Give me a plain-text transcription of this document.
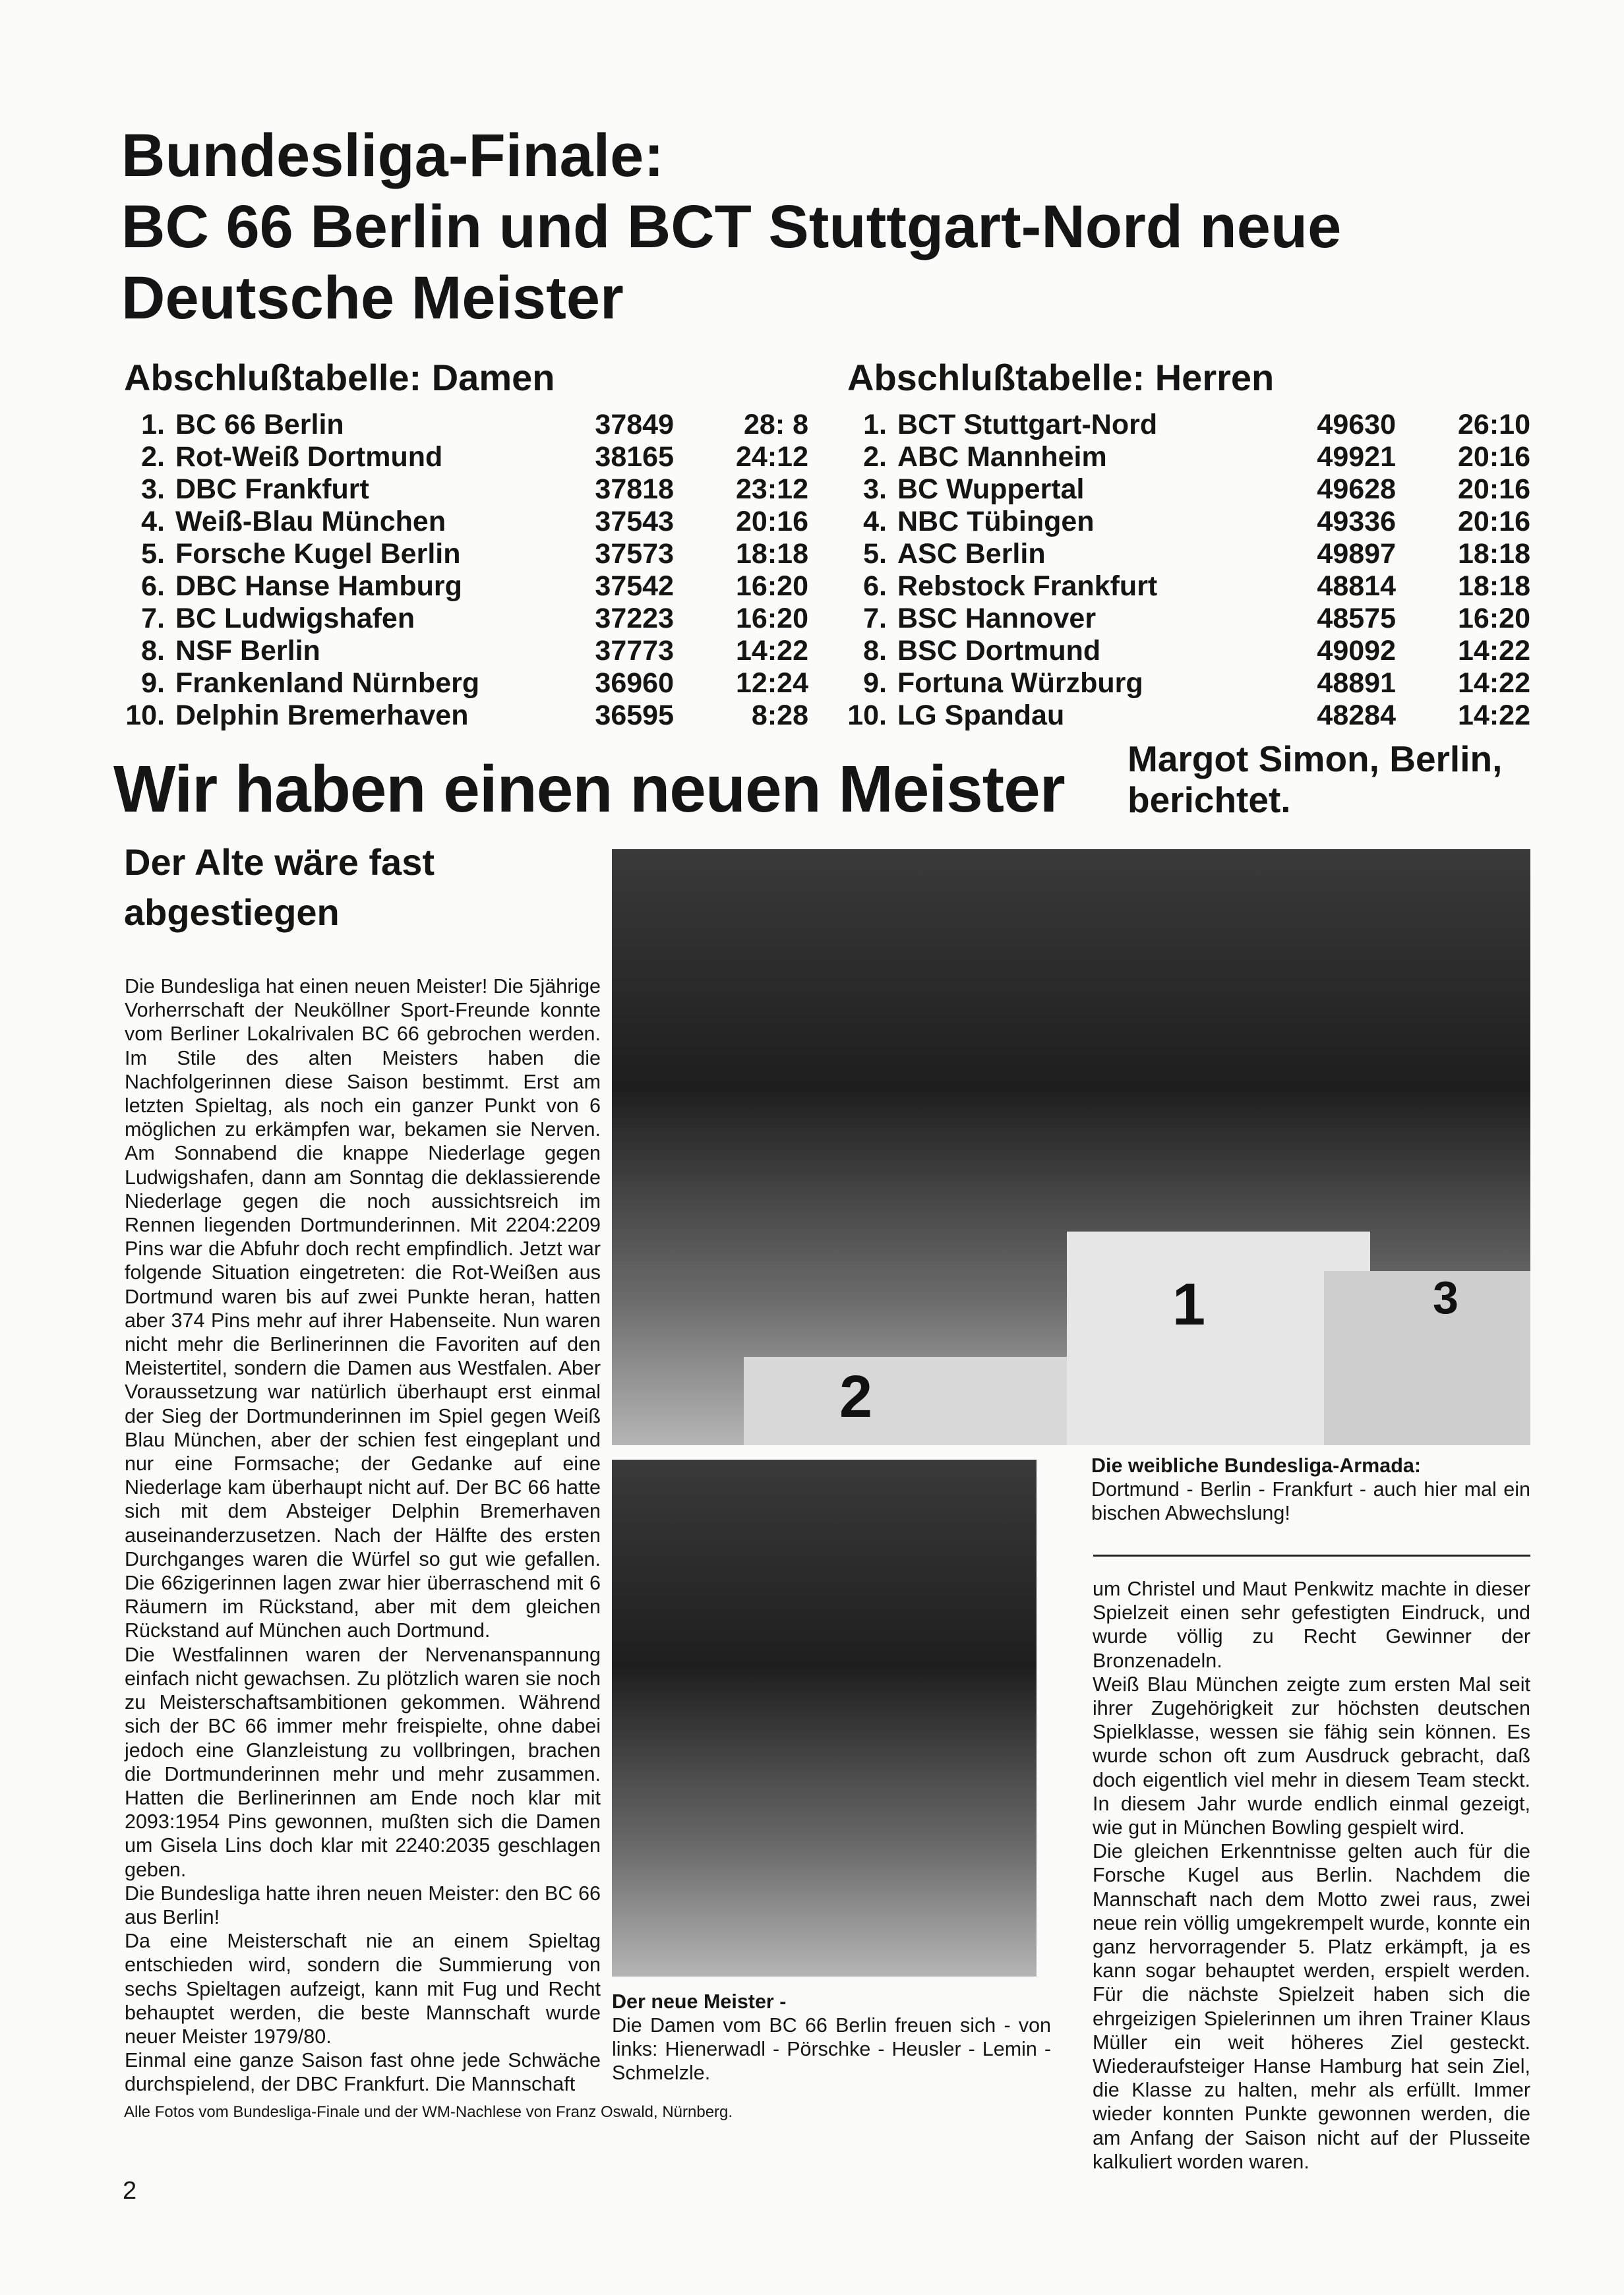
Bundesliga-Finale:
BC 66 Berlin und BCT Stuttgart-Nord neue
Deutsche Meister
Abschlußtabelle: Damen
1. BC 66 Berlin	37849 28: 8
2. Rot-Weiß Dortmund	38165 24:12
3. DBC Frankfurt	37818 23:12
4. Weiß-Blau München	37543 20:16
5. Forsche Kugel Berlin	37573 18:18
6. DBC Hanse Hamburg	37542 16:20
7. BC Ludwigshafen	37223 16:20
8. NSF Berlin	37773 14:22
9. Frankenland Nürnberg	36960 12:24
10. Delphin Bremerhaven	36595	8:28
Abschlußtabelle: Herren
1. BCT Stuttgart-Nord	49630 26:10
2. ABC Mannheim	49921 20:16
3. BC Wuppertal	49628 20:16
4. NBC Tübingen	49336 20:16
5. ASC Berlin	49897 18:18
6. Rebstock Frankfurt	48814 18:18
7. BSC Hannover	48575 16:20
8. BSC Dortmund	49092 14:22
9. Fortuna Würzburg	48891 14:22
10. LG Spandau	48284 14:22
Wir haben einen neuen Meister Margot Simon, Berlin,
berichtet.
Der Alte wäre fast
abgestiegen

Die Bundesliga hat einen neuen Meister! Die 5jährige Vorherrschaft der Neuköllner Sport-Freunde konnte vom Berliner Lokalrivalen BC 66 gebrochen werden. Im Stile des alten Meisters haben die Nachfolgerinnen diese Saison bestimmt. Erst am letzten Spieltag, als noch ein ganzer Punkt von 6 möglichen zu erkämpfen war, bekamen sie Nerven. Am Sonnabend die knappe Niederlage gegen Ludwigshafen, dann am Sonntag die deklassierende Niederlage gegen die noch aussichtsreich im Rennen liegenden Dortmunderinnen. Mit 2204:2209 Pins war die Abfuhr doch recht empfindlich. Jetzt war folgende Situation eingetreten: die Rot-Weißen aus Dortmund waren bis auf zwei Punkte heran, hatten aber 374 Pins mehr auf ihrer Habenseite. Nun waren nicht mehr die Berlinerinnen die Favoriten auf den Meistertitel, sondern die Damen aus Westfalen. Aber Voraussetzung war natürlich überhaupt erst einmal der Sieg der Dortmunderinnen im Spiel gegen Weiß Blau München, aber der schien fest eingeplant und nur eine Formsache; der Gedanke auf eine Niederlage kam überhaupt nicht auf. Der BC 66 hatte sich mit dem Absteiger Delphin Bremerhaven auseinanderzusetzen. Nach der Hälfte des ersten Durchganges waren die Würfel so gut wie gefallen. Die 66zigerinnen lagen zwar hier überraschend mit 6 Räumern im Rückstand, aber mit dem gleichen Rückstand auf München auch Dortmund.

Die Westfalinnen waren der Nervenanspannung einfach nicht gewachsen. Zu plötzlich waren sie noch zu Meisterschaftsambitionen gekommen. Während sich der BC 66 immer mehr freispielte, ohne dabei jedoch eine Glanzleistung zu vollbringen, brachen die Dortmunderinnen mehr und mehr zusammen. Hatten die Berlinerinnen am Ende noch klar mit 2093:1954 Pins gewonnen, mußten sich die Damen um Gisela Lins doch klar mit 2240:2035 geschlagen geben.

Die Bundesliga hatte ihren neuen Meister: den BC 66 aus Berlin!

Da eine Meisterschaft nie an einem Spieltag entschieden wird, sondern die Summierung von sechs Spieltagen aufzeigt, kann mit Fug und Recht behauptet werden, die beste Mannschaft wurde neuer Meister 1979/80.

Einmal eine ganze Saison fast ohne jede Schwäche durchspielend, der DBC Frankfurt. Die Mannschaft

2
1	3
Die weibliche Bundesliga-Armada:
Dortmund - Berlin - Frankfurt - auch hier mal ein bischen Abwechslung!
Der neue Meister -
Die Damen vom BC 66 Berlin freuen sich - von links: Hienerwadl - Pörschke - Heusler - Lemin - Schmelzle.

um Christel und Maut Penkwitz machte in dieser Spielzeit einen sehr gefestigten Eindruck, und wurde völlig zu Recht Gewinner der Bronzenadeln.

Weiß Blau München zeigte zum ersten Mal seit ihrer Zugehörigkeit zur höchsten deutschen Spielklasse, wessen sie fähig sein können. Es wurde schon oft zum Ausdruck gebracht, daß doch eigentlich viel mehr in diesem Team steckt. In diesem Jahr wurde endlich einmal gezeigt, wie gut in München Bowling gespielt wird.

Die gleichen Erkenntnisse gelten auch für die Forsche Kugel aus Berlin. Nachdem die Mannschaft nach dem Motto zwei raus, zwei neue rein völlig umgekrempelt wurde, konnte ein ganz hervorragender 5. Platz erkämpft, ja es kann sogar behauptet werden, erspielt werden. Für die nächste Spielzeit haben sich die ehrgeizigen Spielerinnen um ihren Trainer Klaus Müller ein weit höheres Ziel gesteckt. Wiederaufsteiger Hanse Hamburg hat sein Ziel, die Klasse zu halten, mehr als erfüllt. Immer wieder konnten Punkte gewonnen werden, die am Anfang der Saison nicht auf der Plusseite kalkuliert worden waren.

Alle Fotos vom Bundesliga-Finale und der WM-Nachlese von Franz Oswald, Nürnberg.
2
